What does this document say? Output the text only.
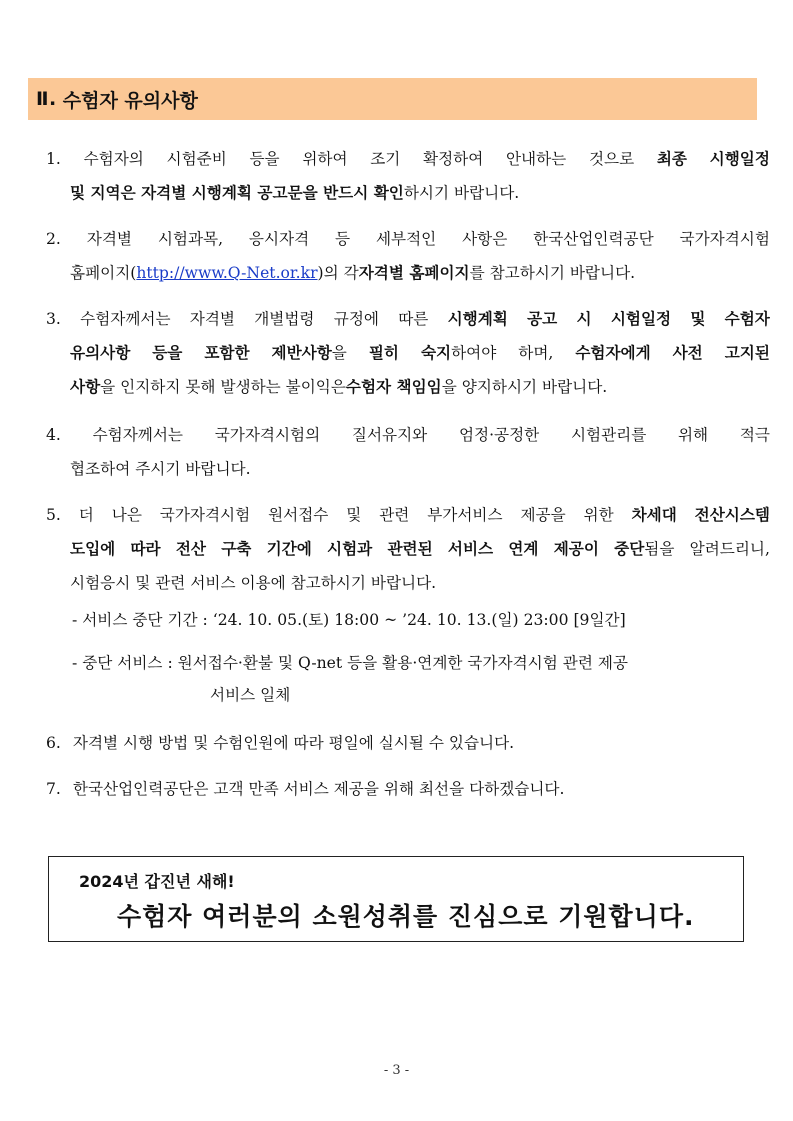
Ⅱ. 수험자 유의사항
1. 수험자의 시험준비 등을 위하여 조기 확정하여 안내하는 것으로 최종 시행일정
및 지역은 자격별 시행계획 공고문을 반드시 확인 하시기 바랍니다.
2. 자격별 시험과목, 응시자격 등 세부적인 사항은 한국산업인력공단 국가자격시험
홈페이지( http://www.Q-Net.or.kr )의 각 자격별 홈페이지 를 참고하시기 바랍니다.
3. 수험자께서는 자격별 개별법령 규정에 따른 시행계획 공고 시 시험일정 및 수험자
유의사항 등을 포함한 제반사항을 필히 숙지하여야 하며, 수험자에게 사전 고지된
사항 을 인지하지 못해 발생하는 불이익은 수험자 책임임 을 양지하시기 바랍니다.
4. 수험자께서는 국가자격시험의 질서유지와 엄정·공정한 시험관리를 위해 적극
협조하여 주시기 바랍니다.
5. 더 나은 국가자격시험 원서접수 및 관련 부가서비스 제공을 위한 차세대 전산시스템
도입에 따라 전산 구축 기간에 시험과 관련된 서비스 연계 제공이 중단됨을 알려드리니,
시험응시 및 관련 서비스 이용에 참고하시기 바랍니다.
- 서비스 중단 기간 : ‘24. 10. 05.(토) 18:00 ~ ’24. 10. 13.(일) 23:00 [9일간]
- 중단 서비스 : 원서접수·환불 및 Q-net 등을 활용·연계한 국가자격시험 관련 제공
서비스 일체
6. 자격별 시행 방법 및 수험인원에 따라 평일에 실시될 수 있습니다.
7. 한국산업인력공단은 고객 만족 서비스 제공을 위해 최선을 다하겠습니다.
2024년 갑진년 새해!
수험자 여러분의 소원성취를 진심으로 기원합니다.
- 3 -
